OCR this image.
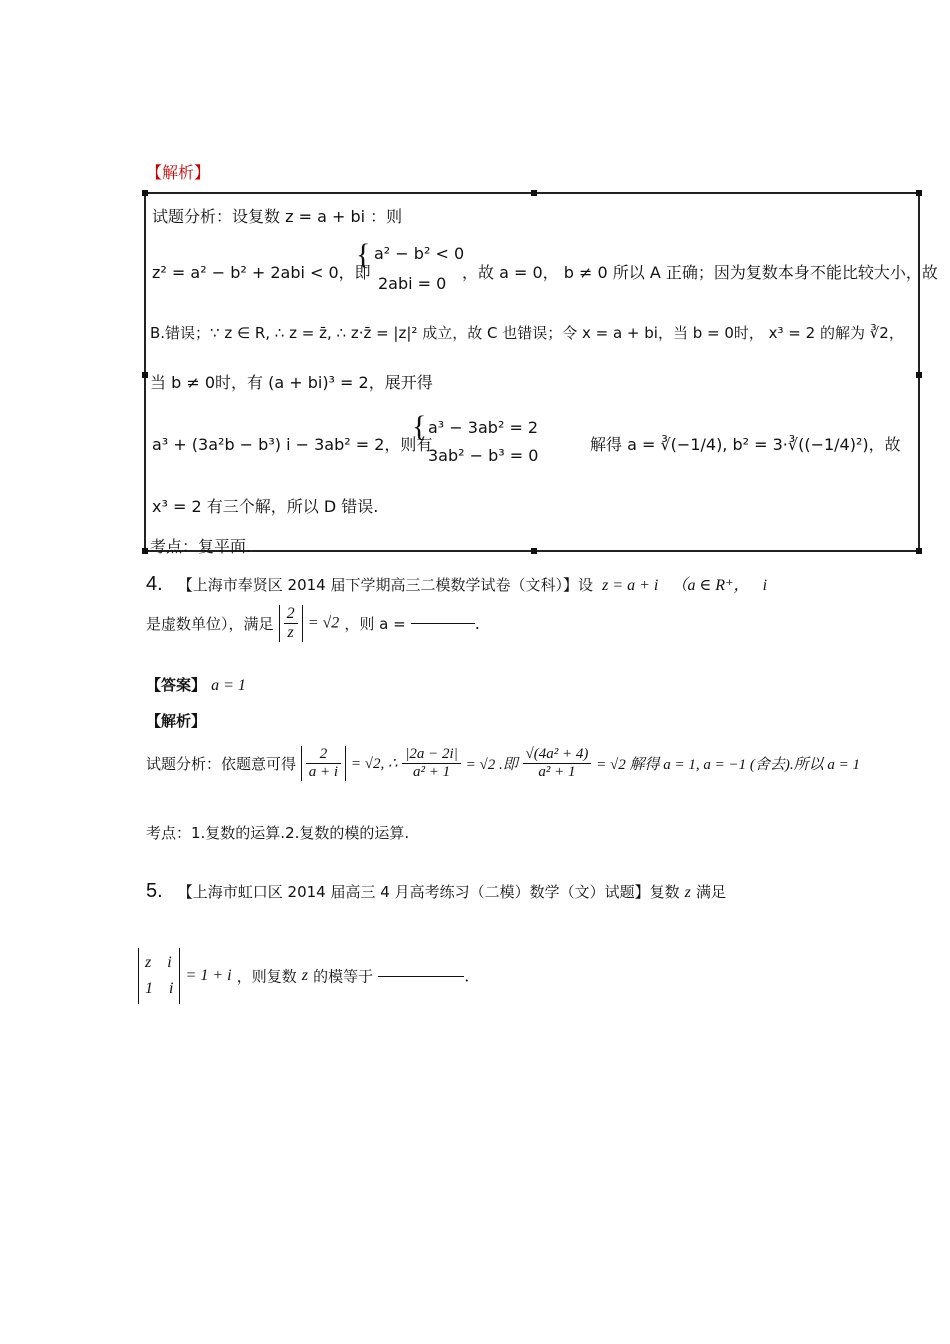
【解析】
试题分析：设复数 z = a + bi ：则
z² = a² − b² + 2abi < 0，即
{ a² − b² < 0
2abi = 0
，故 a = 0， b ≠ 0 所以 A 正确；因为复数本身不能比较大小，故
B.错误；∵ z ∈ R, ∴ z = z̄, ∴ z·z̄ = |z|² 成立，故 C 也错误；令 x = a + bi，当 b = 0时， x³ = 2 的解为 ∛2，
当 b ≠ 0时，有 (a + bi)³ = 2，展开得
a³ + (3a²b − b³) i − 3ab² = 2，则有
{ a³ − 3ab² = 2
3ab² − b³ = 0
解得 a = ∛(−1/4), b² = 3·∛((−1/4)²)，故
x³ = 2 有三个解，所以 D 错误.
考点：复平面.
4. 【上海市奉贤区 2014 届下学期高三二模数学试卷（文科）】设 z = a + i （a ∈ R⁺， i
是虚数单位），满足 $\frac{2}{z} = √2$ ，则 a =	.
【答案】 a = 1
【解析】
试题分析：依题意可得 $\frac{2}{a + i} = √2$, ∴ $\frac{|2a - 2i|}{\text{a² + 1}} = √2$ .即 $\frac{\text{√(4a² + 4)}}{\text{a² + 1}} = √2$ 解得 a = 1, a = −1 (舍去).所以 a = 1
考点：1.复数的运算.2.复数的模的运算.
5. 【上海市虹口区 2014 届高三 4 月高考练习（二模）数学（文）试题】复数 z 满足
z i
1 i
= 1 + i ，则复数 z 的模等于	.
